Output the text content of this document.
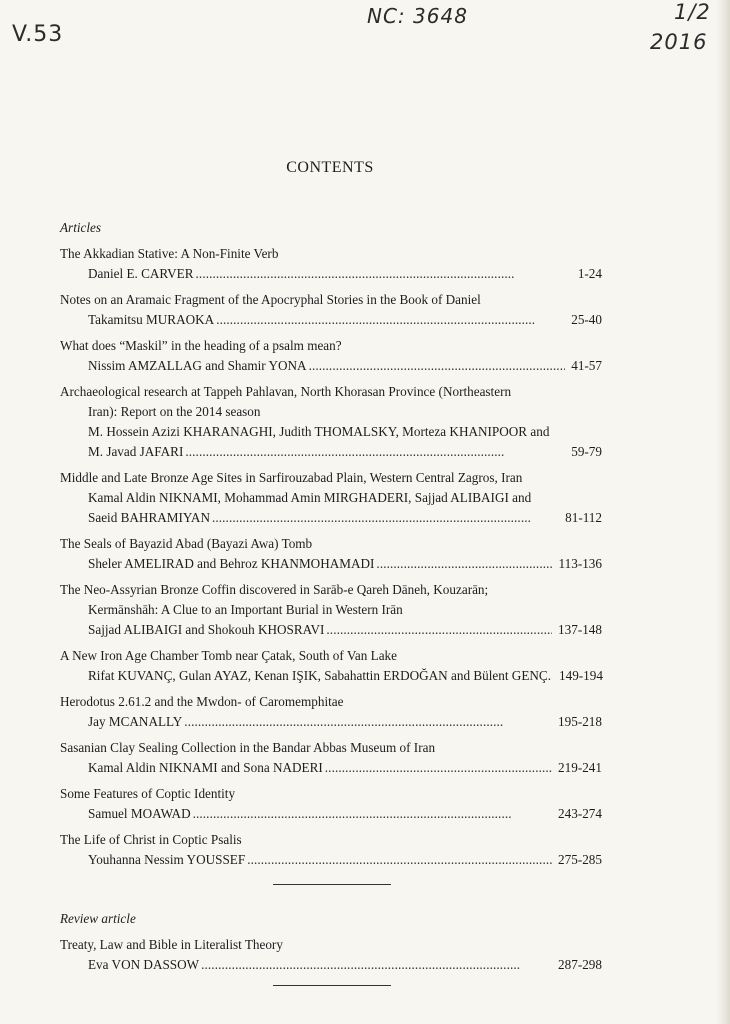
V.53
NC: 3648	1/2
2016
CONTENTS
Articles
The Akkadian Stative: A Non-Finite Verb
Daniel E. CARVER . . .	1-24
Notes on an Aramaic Fragment of the Apocryphal Stories in the Book of Daniel
Takamitsu MURAOKA . . .	25-40
What does “Maskil” in the heading of a psalm mean?
Nissim AMZALLAG and Shamir YONA . . .	41-57
Archaeological research at Tappeh Pahlavan, North Khorasan Province (Northeastern
Iran): Report on the 2014 season
M. Hossein Azizi KHARANAGHI, Judith THOMALSKY, Morteza KHANIPOOR and
M. Javad JAFARI . . .	59-79
Middle and Late Bronze Age Sites in Sarfirouzabad Plain, Western Central Zagros, Iran
Kamal Aldin NIKNAMI, Mohammad Amin MIRGHADERI, Sajjad ALIBAIGI and
Saeid BAHRAMIYAN . . .	81-112
The Seals of Bayazid Abad (Bayazi Awa) Tomb
Sheler AMELIRAD and Behroz KHANMOHAMADI . . .	113-136
The Neo-Assyrian Bronze Coffin discovered in Sarāb-e Qareh Dāneh, Kouzarān;
Kermānshāh: A Clue to an Important Burial in Western Irān
Sajjad ALIBAIGI and Shokouh KHOSRAVI . . .	137-148
A New Iron Age Chamber Tomb near Çatak, South of Van Lake
Rifat KUVANÇ, Gulan AYAZ, Kenan IŞIK, Sabahattin ERDOĞAN and Bülent GENÇ. 149-194
Herodotus 2.61.2 and the Mwdon- of Caromemphitae
Jay MCANALLY . . .	195-218
Sasanian Clay Sealing Collection in the Bandar Abbas Museum of Iran
Kamal Aldin NIKNAMI and Sona NADERI . . .	219-241
Some Features of Coptic Identity
Samuel MOAWAD . . .	243-274
The Life of Christ in Coptic Psalis
Youhanna Nessim YOUSSEF . . .	275-285
Review article
Treaty, Law and Bible in Literalist Theory
Eva VON DASSOW . . .	287-298
